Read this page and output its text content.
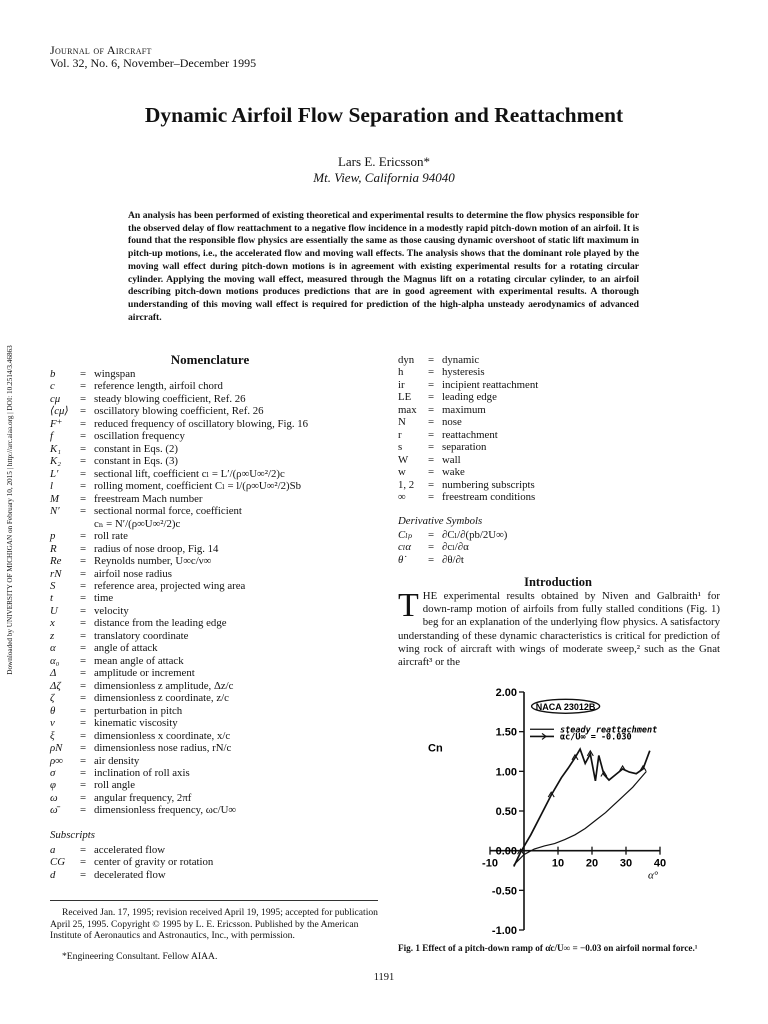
Downloaded by UNIVERSITY OF MICHIGAN on February 10, 2015 | http://arc.aiaa.org | DOI: 10.2514/3.46863
Journal of Aircraft
Vol. 32, No. 6, November–December 1995
Dynamic Airfoil Flow Separation and Reattachment
Lars E. Ericsson*
Mt. View, California 94040
An analysis has been performed of existing theoretical and experimental results to determine the flow physics responsible for the observed delay of flow reattachment to a negative flow incidence in a modestly rapid pitch-down motion of an airfoil. It is found that the responsible flow physics are essentially the same as those causing dynamic overshoot of static lift maximum in pitch-up motions, i.e., the accelerated flow and moving wall effects. The analysis shows that the dominant role played by the moving wall effect during pitch-down motions is in agreement with existing experimental results for a rotating circular cylinder. Applying the moving wall effect, measured through the Magnus lift on a rotating circular cylinder, to an airfoil describing pitch-down motions produces predictions that are in good agreement with experimental results. A thorough understanding of this moving wall effect is required for prediction of the high-alpha unsteady aerodynamics of advanced aircraft.
Nomenclature
b	= wingspan
c	= reference length, airfoil chord
cμ	= steady blowing coefficient, Ref. 26
⟨cμ⟩	= oscillatory blowing coefficient, Ref. 26
F⁺	= reduced frequency of oscillatory blowing, Fig. 16
f	= oscillation frequency
K₁	= constant in Eqs. (2)
K₂	= constant in Eqs. (3)
L′	= sectional lift, coefficient cₗ = L′/(ρ∞U∞²/2)c
l	= rolling moment, coefficient Cₗ = l/(ρ∞U∞²/2)Sb
M	= freestream Mach number
N′	= sectional normal force, coefficient
cₙ = N′/(ρ∞U∞²/2)c
p	= roll rate
R	= radius of nose droop, Fig. 14
Re	= Reynolds number, U∞c/ν∞
rN	= airfoil nose radius
S	= reference area, projected wing area
t	= time
U	= velocity
x	= distance from the leading edge
z	= translatory coordinate
α	= angle of attack
α₀	= mean angle of attack
Δ	= amplitude or increment
Δζ	= dimensionless z amplitude, Δz/c
ζ	= dimensionless z coordinate, z/c
θ	= perturbation in pitch
ν	= kinematic viscosity
ξ	= dimensionless x coordinate, x/c
ρN	= dimensionless nose radius, rN/c
ρ∞	= air density
σ	= inclination of roll axis
φ	= roll angle
ω	= angular frequency, 2πf
ω̄	= dimensionless frequency, ωc/U∞
Subscripts
a	= accelerated flow
CG	= center of gravity or rotation
d	= decelerated flow
dyn	= dynamic
h	= hysteresis
ir	= incipient reattachment
LE	= leading edge
max	= maximum
N	= nose
r	= reattachment
s	= separation
W	= wall
w	= wake
1, 2	= numbering subscripts
∞	= freestream conditions
Derivative Symbols
Cₗₚ	= ∂Cₗ/∂(pb/2U∞)
cₗα	= ∂cₗ/∂α
θ̇	= ∂θ/∂t
Introduction
THE experimental results obtained by Niven and Galbraith¹ for down-ramp motion of airfoils from fully stalled conditions (Fig. 1) beg for an explanation of the underlying flow physics. A satisfactory understanding of these dynamic characteristics is critical for prediction of wing rock of aircraft with wings of moderate sweep,² such as the Gnat aircraft³ or the
2.00
1.50
1.00
0.50
0.00
-0.50
-1.00
-10	10 20 30 40
Cn
α°
NACA 23012B
steady reattachment
α̇c/U∞ = -0.030
Fig. 1 Effect of a pitch-down ramp of α̇c/U∞ = −0.03 on airfoil normal force.¹
Received Jan. 17, 1995; revision received April 19, 1995; accepted for publication April 25, 1995. Copyright © 1995 by L. E. Ericsson. Published by the American Institute of Aeronautics and Astronautics, Inc., with permission.
*Engineering Consultant. Fellow AIAA.
1191
